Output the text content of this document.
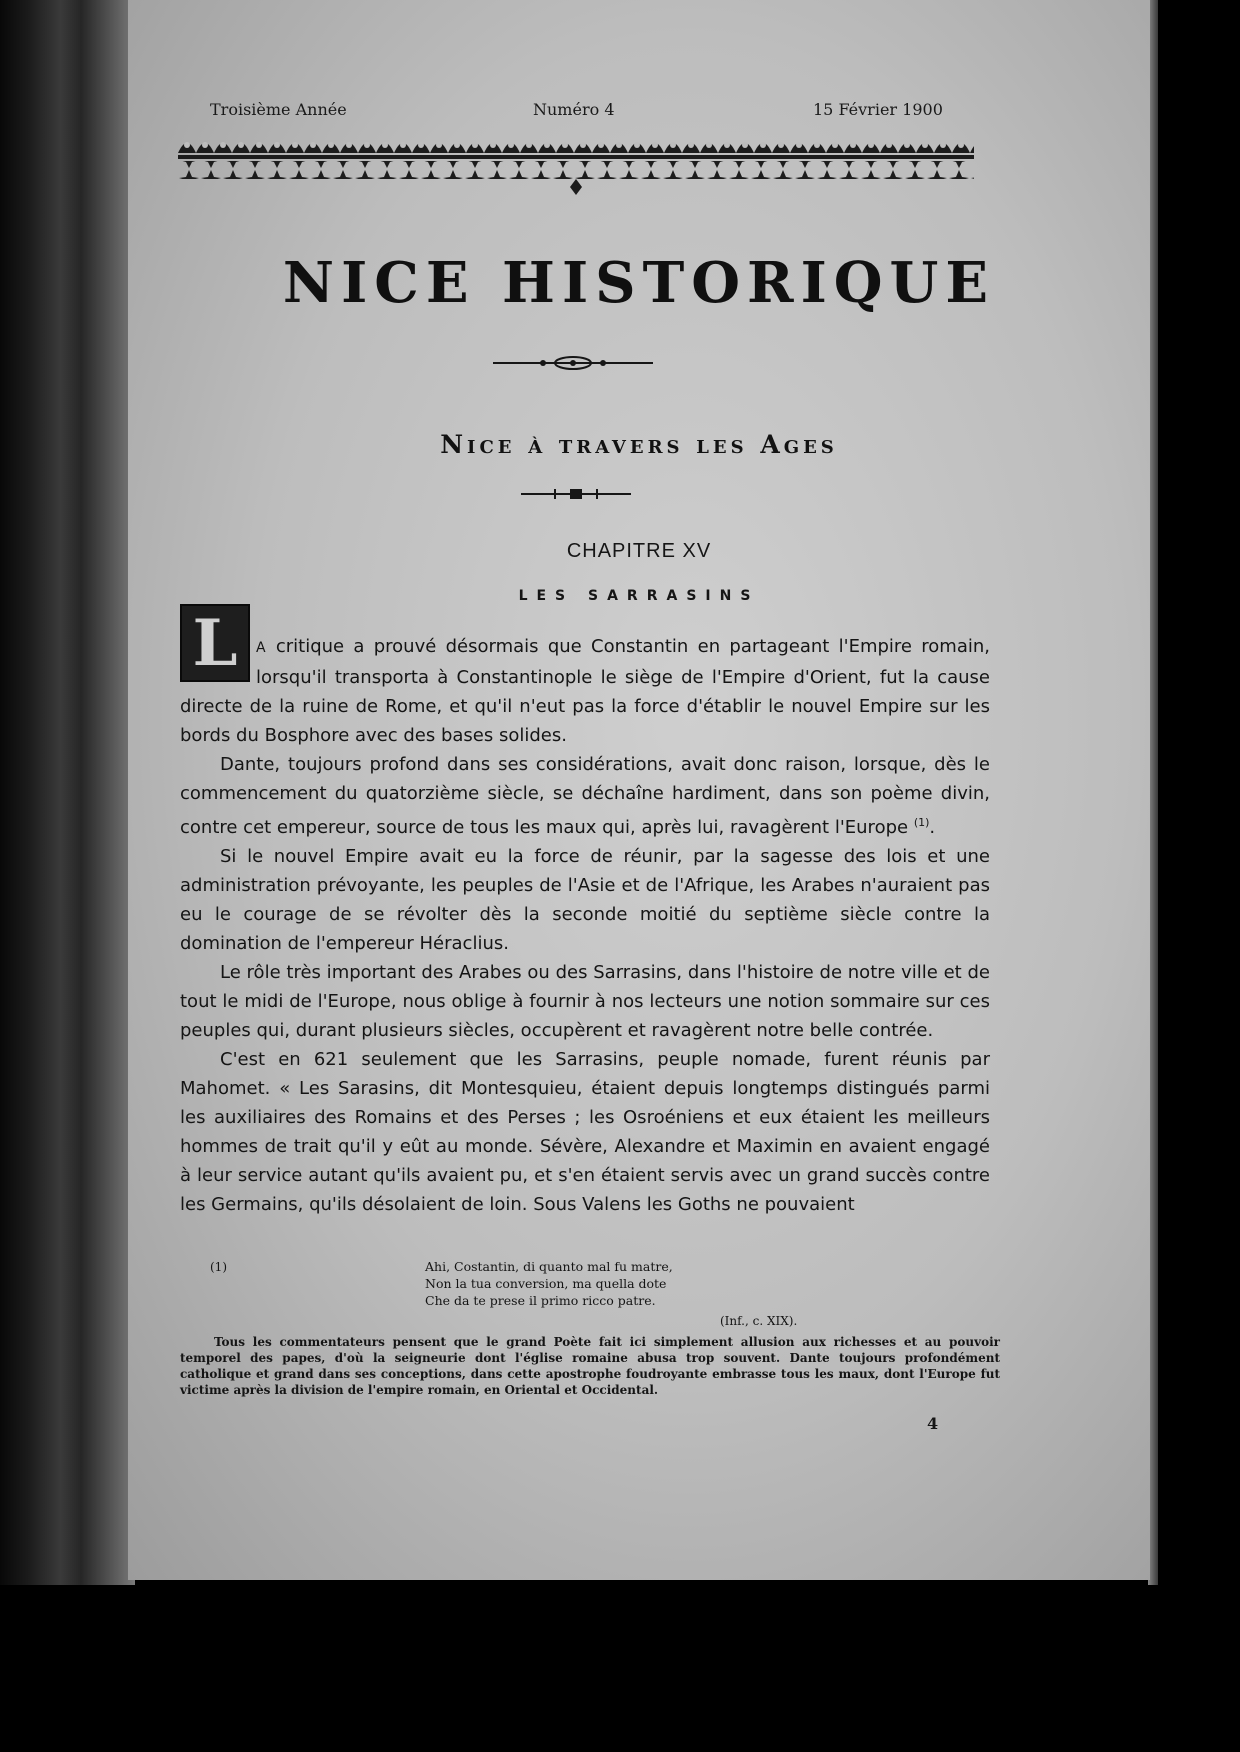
Troisième Année	Numéro 4	15 Février 1900
NICE HISTORIQUE
Nice à travers les Ages
CHAPITRE XV
LES SARRASINS

L	A critique a prouvé désormais que Constantin en partageant l'Empire romain, lorsqu'il transporta à Constantinople le siège de l'Empire d'Orient, fut la cause directe de la ruine de Rome, et qu'il n'eut pas la force d'établir le nouvel Empire sur les bords du Bosphore avec des bases solides.

Dante, toujours profond dans ses considérations, avait donc raison, lorsque, dès le commencement du quatorzième siècle, se déchaîne hardiment, dans son poème divin, contre cet empereur, source de tous les maux qui, après lui, ravagèrent l'Europe $^{(1)}$.

Si le nouvel Empire avait eu la force de réunir, par la sagesse des lois et une administration prévoyante, les peuples de l'Asie et de l'Afrique, les Arabes n'auraient pas eu le courage de se révolter dès la seconde moitié du septième siècle contre la domination de l'empereur Héraclius.

Le rôle très important des Arabes ou des Sarrasins, dans l'histoire de notre ville et de tout le midi de l'Europe, nous oblige à fournir à nos lecteurs une notion sommaire sur ces peuples qui, durant plusieurs siècles, occupèrent et ravagèrent notre belle contrée.

C'est en 621 seulement que les Sarrasins, peuple nomade, furent réunis par Mahomet. « Les Sarasins, dit Montesquieu, étaient depuis longtemps distingués parmi les auxiliaires des Romains et des Perses ; les Osroéniens et eux étaient les meilleurs hommes de trait qu'il y eût au monde. Sévère, Alexandre et Maximin en avaient engagé à leur service autant qu'ils avaient pu, et s'en étaient servis avec un grand succès contre les Germains, qu'ils désolaient de loin. Sous Valens les Goths ne pouvaient

(1)	Ahi, Costantin, di quanto mal fu matre,
Non la tua conversion, ma quella dote
Che da te prese il primo ricco patre.
(Inf., c. XIX).
Tous les commentateurs pensent que le grand Poète fait ici simplement allusion aux richesses et au pouvoir temporel des papes, d'où la seigneurie dont l'église romaine abusa trop souvent. Dante toujours profondément catholique et grand dans ses conceptions, dans cette apostrophe foudroyante embrasse tous les maux, dont l'Europe fut victime après la division de l'empire romain, en Oriental et Occidental.
4
